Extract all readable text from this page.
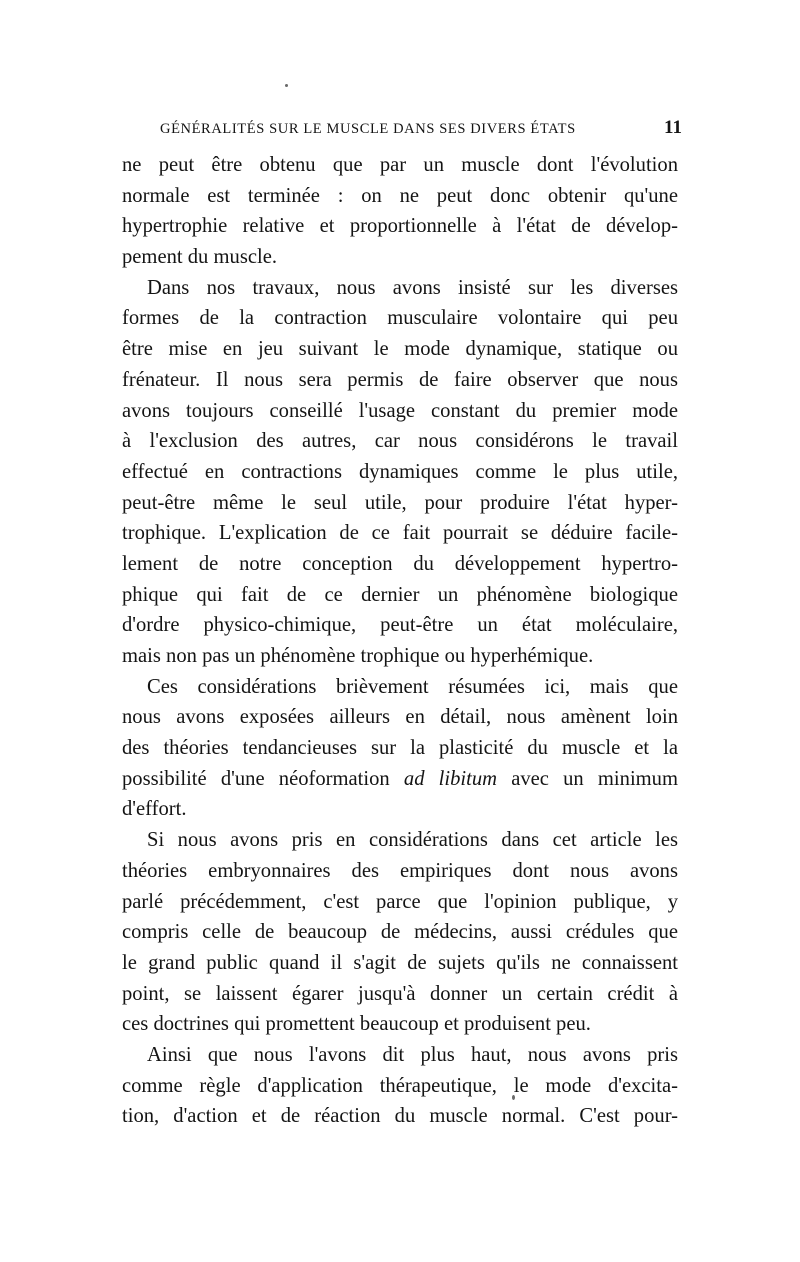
GÉNÉRALITÉS SUR LE MUSCLE DANS SES DIVERS ÉTATS	11
ne peut être obtenu que par un muscle dont l'évolution
normale est terminée : on ne peut donc obtenir qu'une
hypertrophie relative et proportionnelle à l'état de dévelop-
pement du muscle.
Dans nos travaux, nous avons insisté sur les diverses
formes de la contraction musculaire volontaire qui peu
être mise en jeu suivant le mode dynamique, statique ou
frénateur. Il nous sera permis de faire observer que nous
avons toujours conseillé l'usage constant du premier mode
à l'exclusion des autres, car nous considérons le travail
effectué en contractions dynamiques comme le plus utile,
peut-être même le seul utile, pour produire l'état hyper-
trophique. L'explication de ce fait pourrait se déduire facile-
lement de notre conception du développement hypertro-
phique qui fait de ce dernier un phénomène biologique
d'ordre physico-chimique, peut-être un état moléculaire,
mais non pas un phénomène trophique ou hyperhémique.
Ces considérations brièvement résumées ici, mais que
nous avons exposées ailleurs en détail, nous amènent loin
des théories tendancieuses sur la plasticité du muscle et la
possibilité d'une néoformation ad libitum avec un minimum
d'effort.
Si nous avons pris en considérations dans cet article les
théories embryonnaires des empiriques dont nous avons
parlé précédemment, c'est parce que l'opinion publique, y
compris celle de beaucoup de médecins, aussi crédules que
le grand public quand il s'agit de sujets qu'ils ne connaissent
point, se laissent égarer jusqu'à donner un certain crédit à
ces doctrines qui promettent beaucoup et produisent peu.
Ainsi que nous l'avons dit plus haut, nous avons pris
comme règle d'application thérapeutique, le mode d'excita-
tion, d'action et de réaction du muscle normal. C'est pour-
